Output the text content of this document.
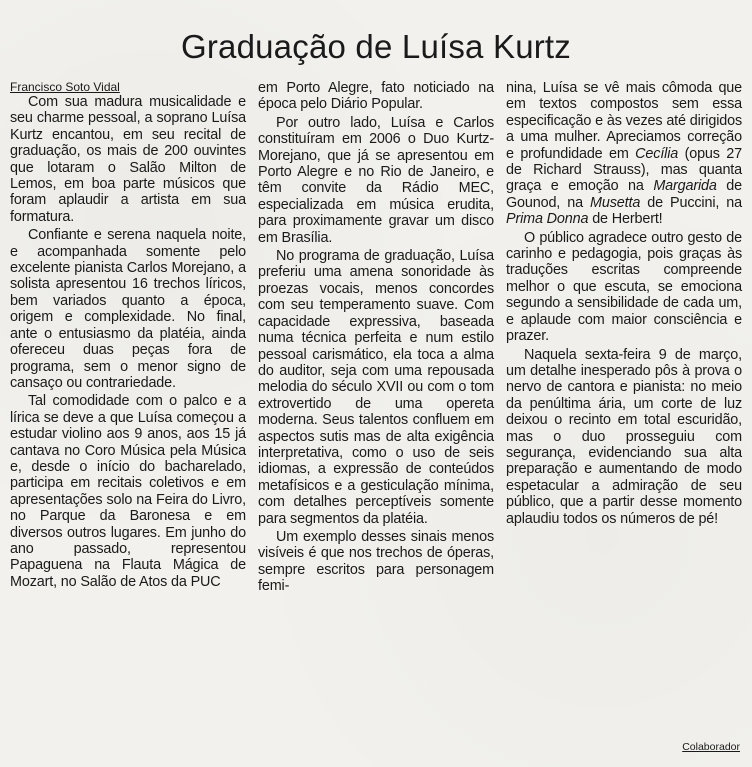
Graduação de Luísa Kurtz

Francisco Soto Vidal

Com sua madura musicalidade e seu charme pessoal, a soprano Luísa Kurtz encantou, em seu recital de graduação, os mais de 200 ouvintes que lotaram o Salão Milton de Lemos, em boa parte músicos que foram aplaudir a artista em sua formatura.

Confiante e serena naquela noite, e acompanhada somente pelo excelente pianista Carlos Morejano, a solista apresentou 16 trechos líricos, bem variados quanto a época, origem e complexidade. No final, ante o entusiasmo da platéia, ainda ofereceu duas peças fora de programa, sem o menor signo de cansaço ou contrariedade.

Tal comodidade com o palco e a lírica se deve a que Luísa começou a estudar violino aos 9 anos, aos 15 já cantava no Coro Música pela Música e, desde o início do bacharelado, participa em recitais coletivos e em apresentações solo na Feira do Livro, no Parque da Baronesa e em diversos outros lugares. Em junho do ano passado, representou Papaguena na Flauta Mágica de Mozart, no Salão de Atos da PUC

em Porto Alegre, fato noticiado na época pelo Diário Popular.

Por outro lado, Luísa e Carlos constituíram em 2006 o Duo Kurtz-Morejano, que já se apresentou em Porto Alegre e no Rio de Janeiro, e têm convite da Rádio MEC, especializada em música erudita, para proximamente gravar um disco em Brasília.

No programa de graduação, Luísa preferiu uma amena sonoridade às proezas vocais, menos concordes com seu temperamento suave. Com capacidade expressiva, baseada numa técnica perfeita e num estilo pessoal carismático, ela toca a alma do auditor, seja com uma repousada melodia do século XVII ou com o tom extrovertido de uma opereta moderna. Seus talentos confluem em aspectos sutis mas de alta exigência interpretativa, como o uso de seis idiomas, a expressão de conteúdos metafísicos e a gesticulação mínima, com detalhes perceptíveis somente para segmentos da platéia.

Um exemplo desses sinais menos visíveis é que nos trechos de óperas, sempre escritos para personagem femi-

nina, Luísa se vê mais cômoda que em textos compostos sem essa especificação e às vezes até dirigidos a uma mulher. Apreciamos correção e profundidade em Cecília (opus 27 de Richard Strauss), mas quanta graça e emoção na Margarida de Gounod, na Musetta de Puccini, na Prima Donna de Herbert!

O público agradece outro gesto de carinho e pedagogia, pois graças às traduções escritas compreende melhor o que escuta, se emociona segundo a sensibilidade de cada um, e aplaude com maior consciência e prazer.

Naquela sexta-feira 9 de março, um detalhe inesperado pôs à prova o nervo de cantora e pianista: no meio da penúltima ária, um corte de luz deixou o recinto em total escuridão, mas o duo prosseguiu com segurança, evidenciando sua alta preparação e aumentando de modo espetacular a admiração de seu público, que a partir desse momento aplaudiu todos os números de pé!

Colaborador
